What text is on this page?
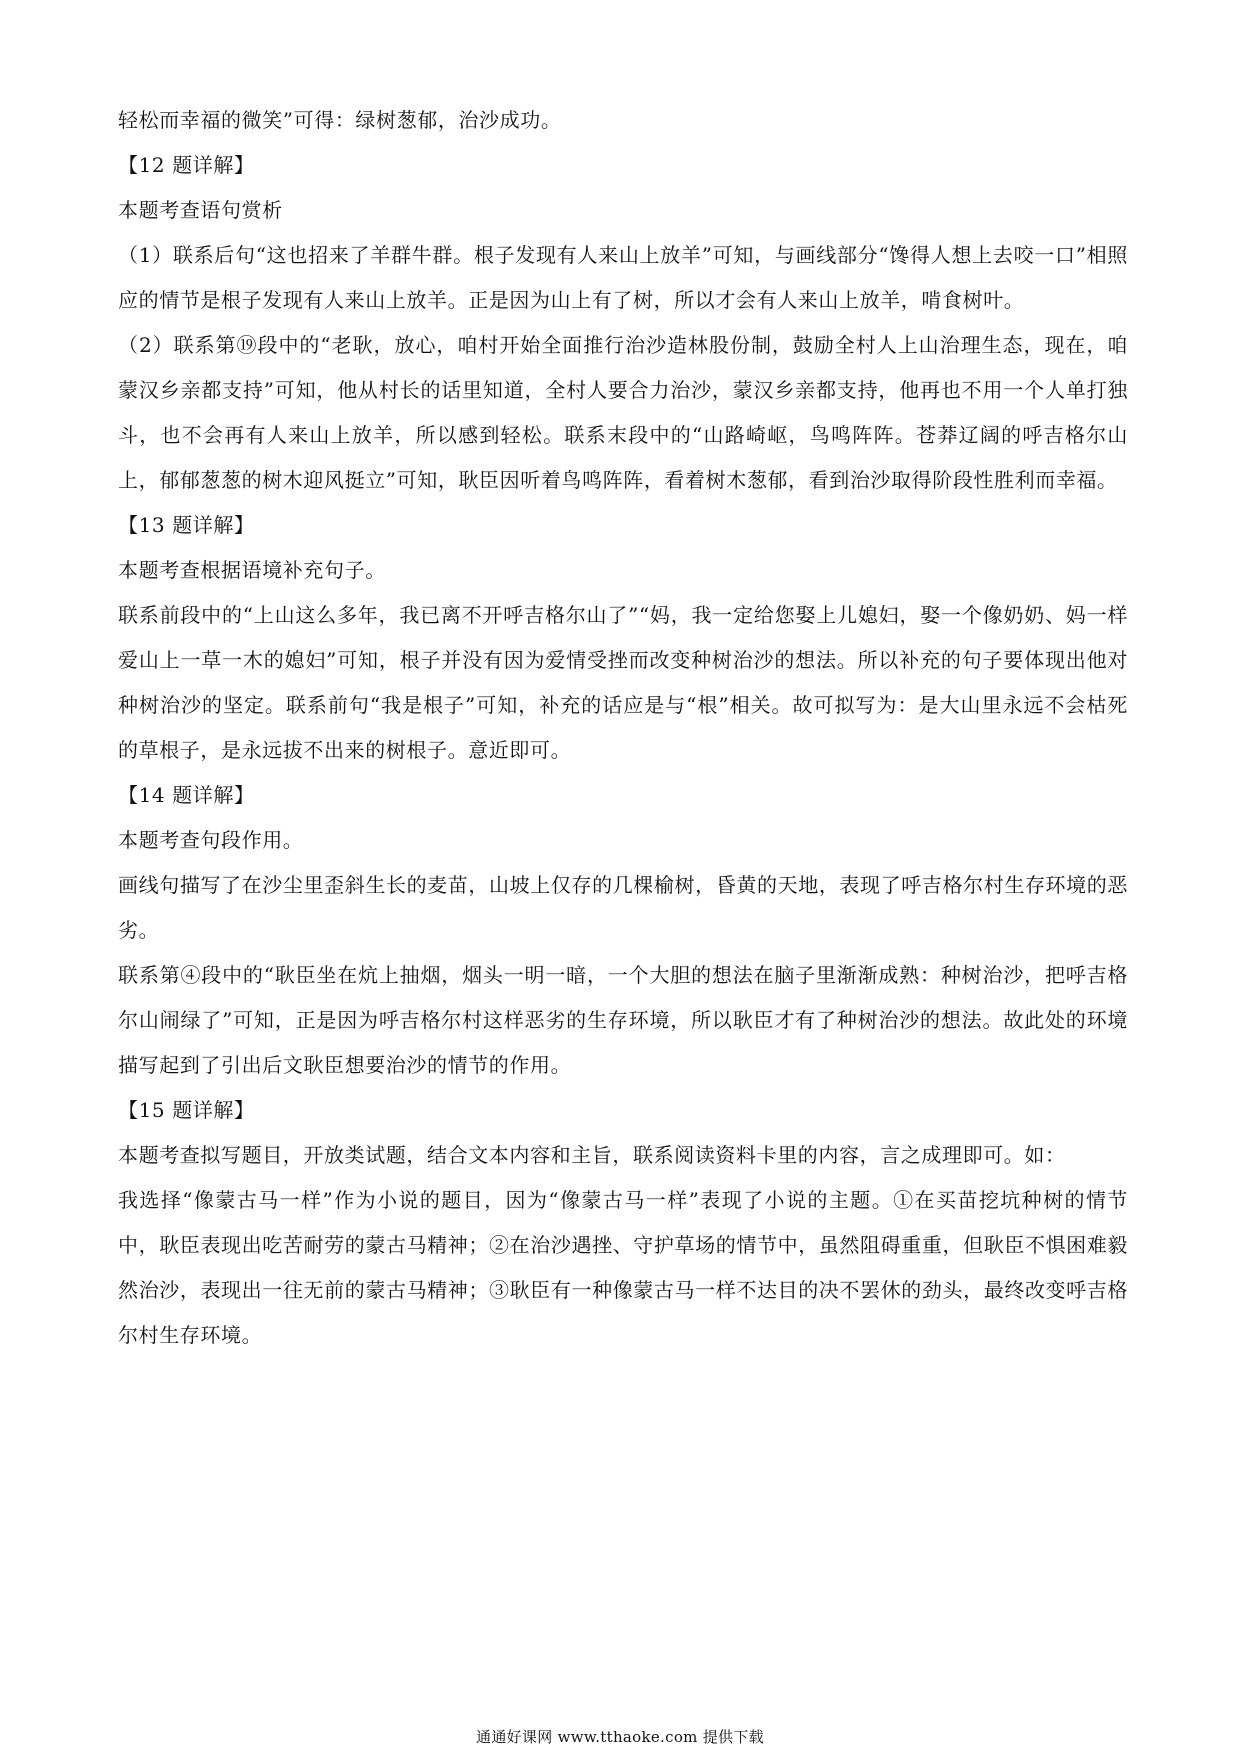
轻松而幸福的微笑”可得：绿树葱郁，治沙成功。

【12 题详解】

本题考查语句赏析

（1）联系后句“这也招来了羊群牛群。根子发现有人来山上放羊”可知，与画线部分“馋得人想上去咬一口”相照应的情节是根子发现有人来山上放羊。正是因为山上有了树，所以才会有人来山上放羊，啃食树叶。

（2）联系第⑲段中的“老耿，放心，咱村开始全面推行治沙造林股份制，鼓励全村人上山治理生态，现在，咱蒙汉乡亲都支持”可知，他从村长的话里知道，全村人要合力治沙，蒙汉乡亲都支持，他再也不用一个人单打独斗，也不会再有人来山上放羊，所以感到轻松。联系末段中的“山路崎岖，鸟鸣阵阵。苍莽辽阔的呼吉格尔山上，郁郁葱葱的树木迎风挺立”可知，耿臣因听着鸟鸣阵阵，看着树木葱郁，看到治沙取得阶段性胜利而幸福。

【13 题详解】

本题考查根据语境补充句子。

联系前段中的“上山这么多年，我已离不开呼吉格尔山了”“妈，我一定给您娶上儿媳妇，娶一个像奶奶、妈一样爱山上一草一木的媳妇”可知，根子并没有因为爱情受挫而改变种树治沙的想法。所以补充的句子要体现出他对种树治沙的坚定。联系前句“我是根子”可知，补充的话应是与“根”相关。故可拟写为：是大山里永远不会枯死的草根子，是永远拔不出来的树根子。意近即可。

【14 题详解】

本题考查句段作用。

画线句描写了在沙尘里歪斜生长的麦苗，山坡上仅存的几棵榆树，昏黄的天地，表现了呼吉格尔村生存环境的恶劣。

联系第④段中的“耿臣坐在炕上抽烟，烟头一明一暗，一个大胆的想法在脑子里渐渐成熟：种树治沙，把呼吉格尔山闹绿了”可知，正是因为呼吉格尔村这样恶劣的生存环境，所以耿臣才有了种树治沙的想法。故此处的环境描写起到了引出后文耿臣想要治沙的情节的作用。

【15 题详解】

本题考查拟写题目，开放类试题，结合文本内容和主旨，联系阅读资料卡里的内容，言之成理即可。如：

我选择“像蒙古马一样”作为小说的题目，因为“像蒙古马一样”表现了小说的主题。①在买苗挖坑种树的情节中，耿臣表现出吃苦耐劳的蒙古马精神；②在治沙遇挫、守护草场的情节中，虽然阻碍重重，但耿臣不惧困难毅然治沙，表现出一往无前的蒙古马精神；③耿臣有一种像蒙古马一样不达目的决不罢休的劲头，最终改变呼吉格尔村生存环境。

通通好课网 www.tthaoke.com 提供下载
